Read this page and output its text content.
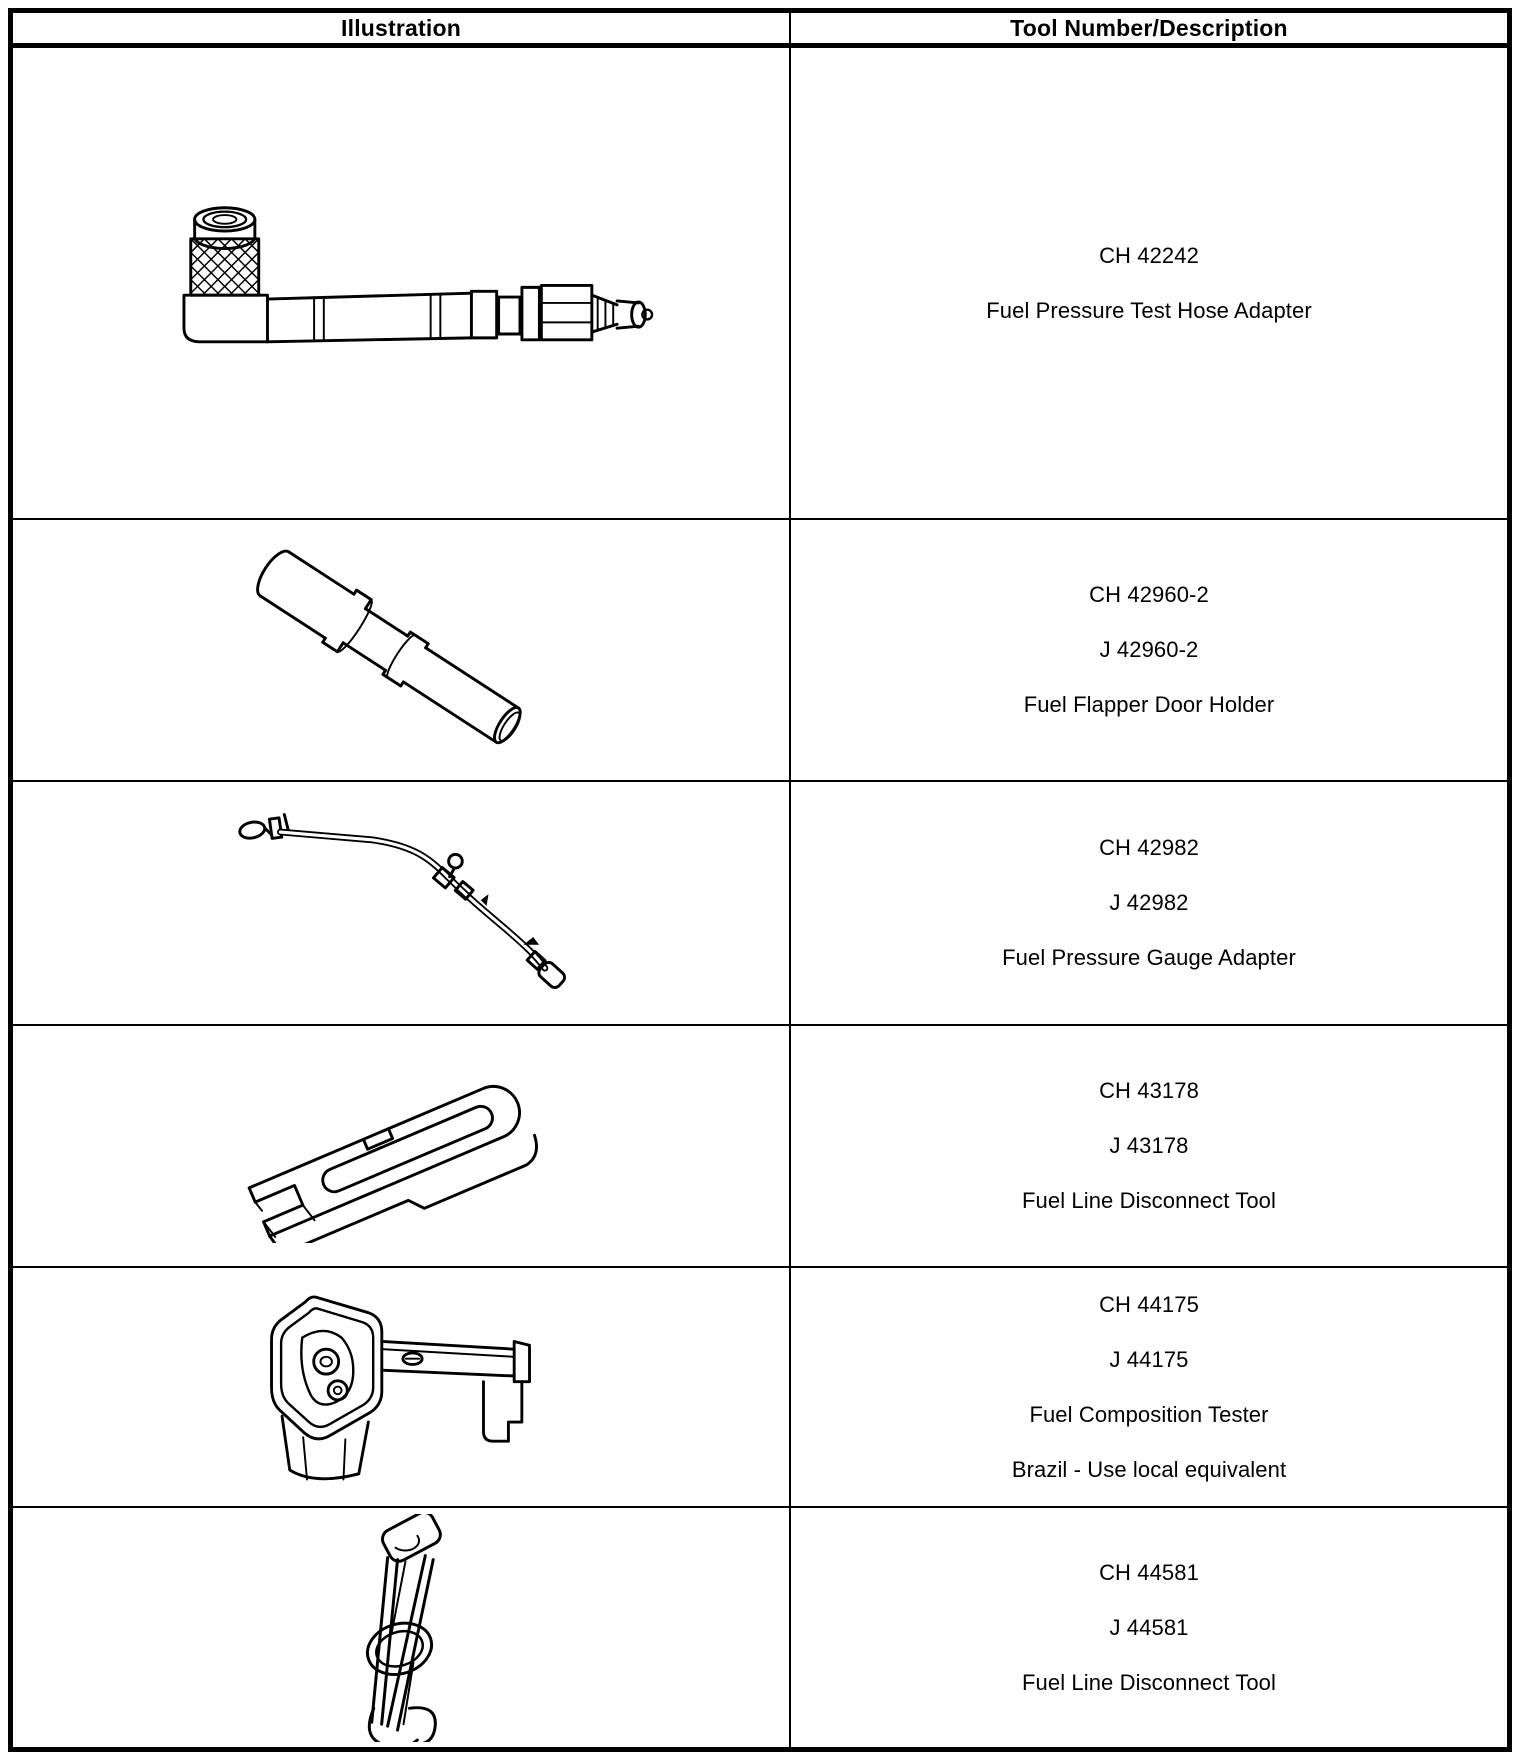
Illustration	Tool Number/Description

CH 42242

Fuel Pressure Test Hose Adapter

CH 42960-2

J 42960-2

Fuel Flapper Door Holder

CH 42982

J 42982

Fuel Pressure Gauge Adapter

CH 43178

J 43178

Fuel Line Disconnect Tool

CH 44175

J 44175

Fuel Composition Tester

Brazil - Use local equivalent

CH 44581

J 44581

Fuel Line Disconnect Tool
